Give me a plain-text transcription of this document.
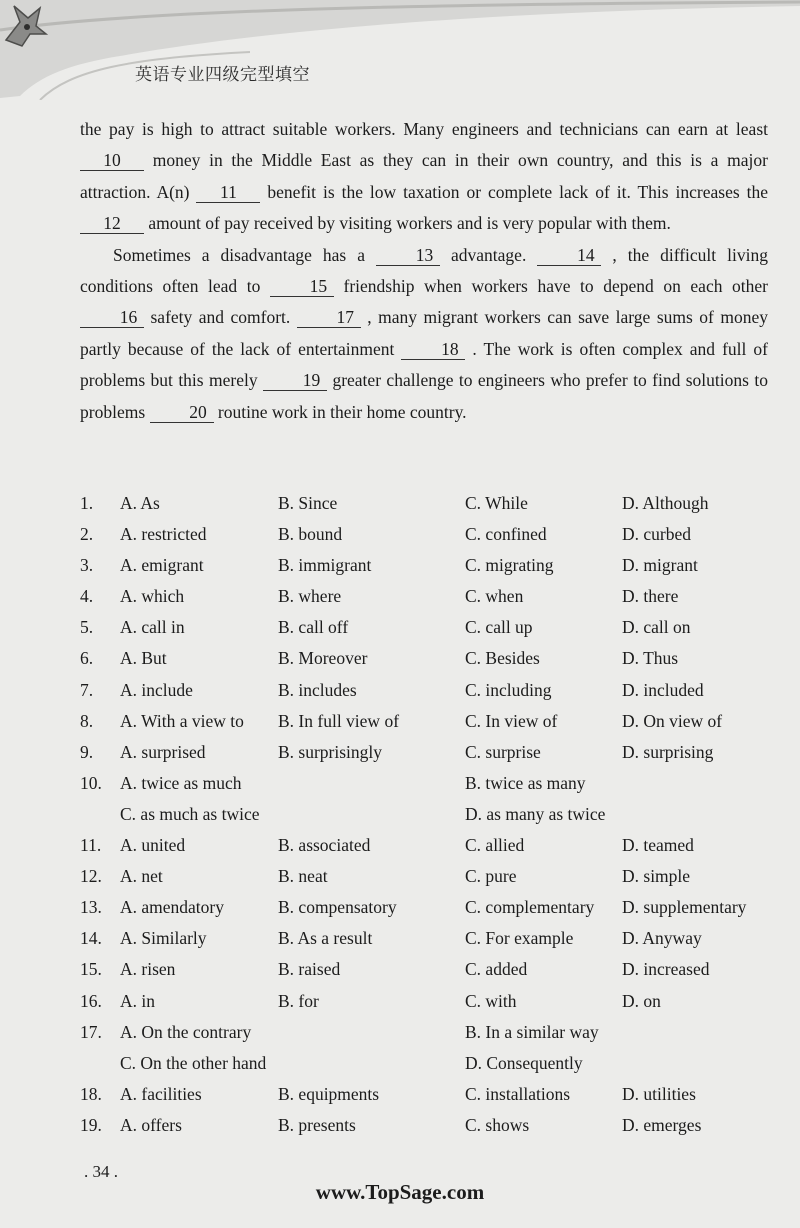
英语专业四级完型填空

the pay is high to attract suitable workers. Many engineers and technicians can earn at least 10 money in the Middle East as they can in their own country, and this is a major attraction. A(n) 11 benefit is the low taxation or complete lack of it. This increases the 12 amount of pay received by visiting workers and is very popular with them.

Sometimes a disadvantage has a 13 advantage. 14 , the difficult living conditions often lead to 15 friendship when workers have to depend on each other 16 safety and comfort. 17 , many migrant workers can save large sums of money partly because of the lack of entertainment 18 . The work is often complex and full of problems but this merely 19 greater challenge to engineers who prefer to find solutions to problems 20 routine work in their home country.

1. A. As	B. Since	C. While	D. Although
2. A. restricted	B. bound	C. confined	D. curbed
3. A. emigrant	B. immigrant	C. migrating	D. migrant
4. A. which	B. where	C. when	D. there
5. A. call in	B. call off	C. call up	D. call on
6. A. But	B. Moreover	C. Besides	D. Thus
7. A. include	B. includes	C. including	D. included
8. A. With a view to B. In full view of	C. In view of	D. On view of
9. A. surprised	B. surprisingly	C. surprise	D. surprising
10. A. twice as much	B. twice as many
C. as much as twice	D. as many as twice
11. A. united	B. associated	C. allied	D. teamed
12. A. net	B. neat	C. pure	D. simple
13. A. amendatory	B. compensatory	C. complementary D. supplementary
14. A. Similarly	B. As a result	C. For example	D. Anyway
15. A. risen	B. raised	C. added	D. increased
16. A. in	B. for	C. with	D. on
17. A. On the contrary	B. In a similar way
C. On the other hand	D. Consequently
18. A. facilities	B. equipments	C. installations	D. utilities
19. A. offers	B. presents	C. shows	D. emerges
. 34 .
www.TopSage.com
